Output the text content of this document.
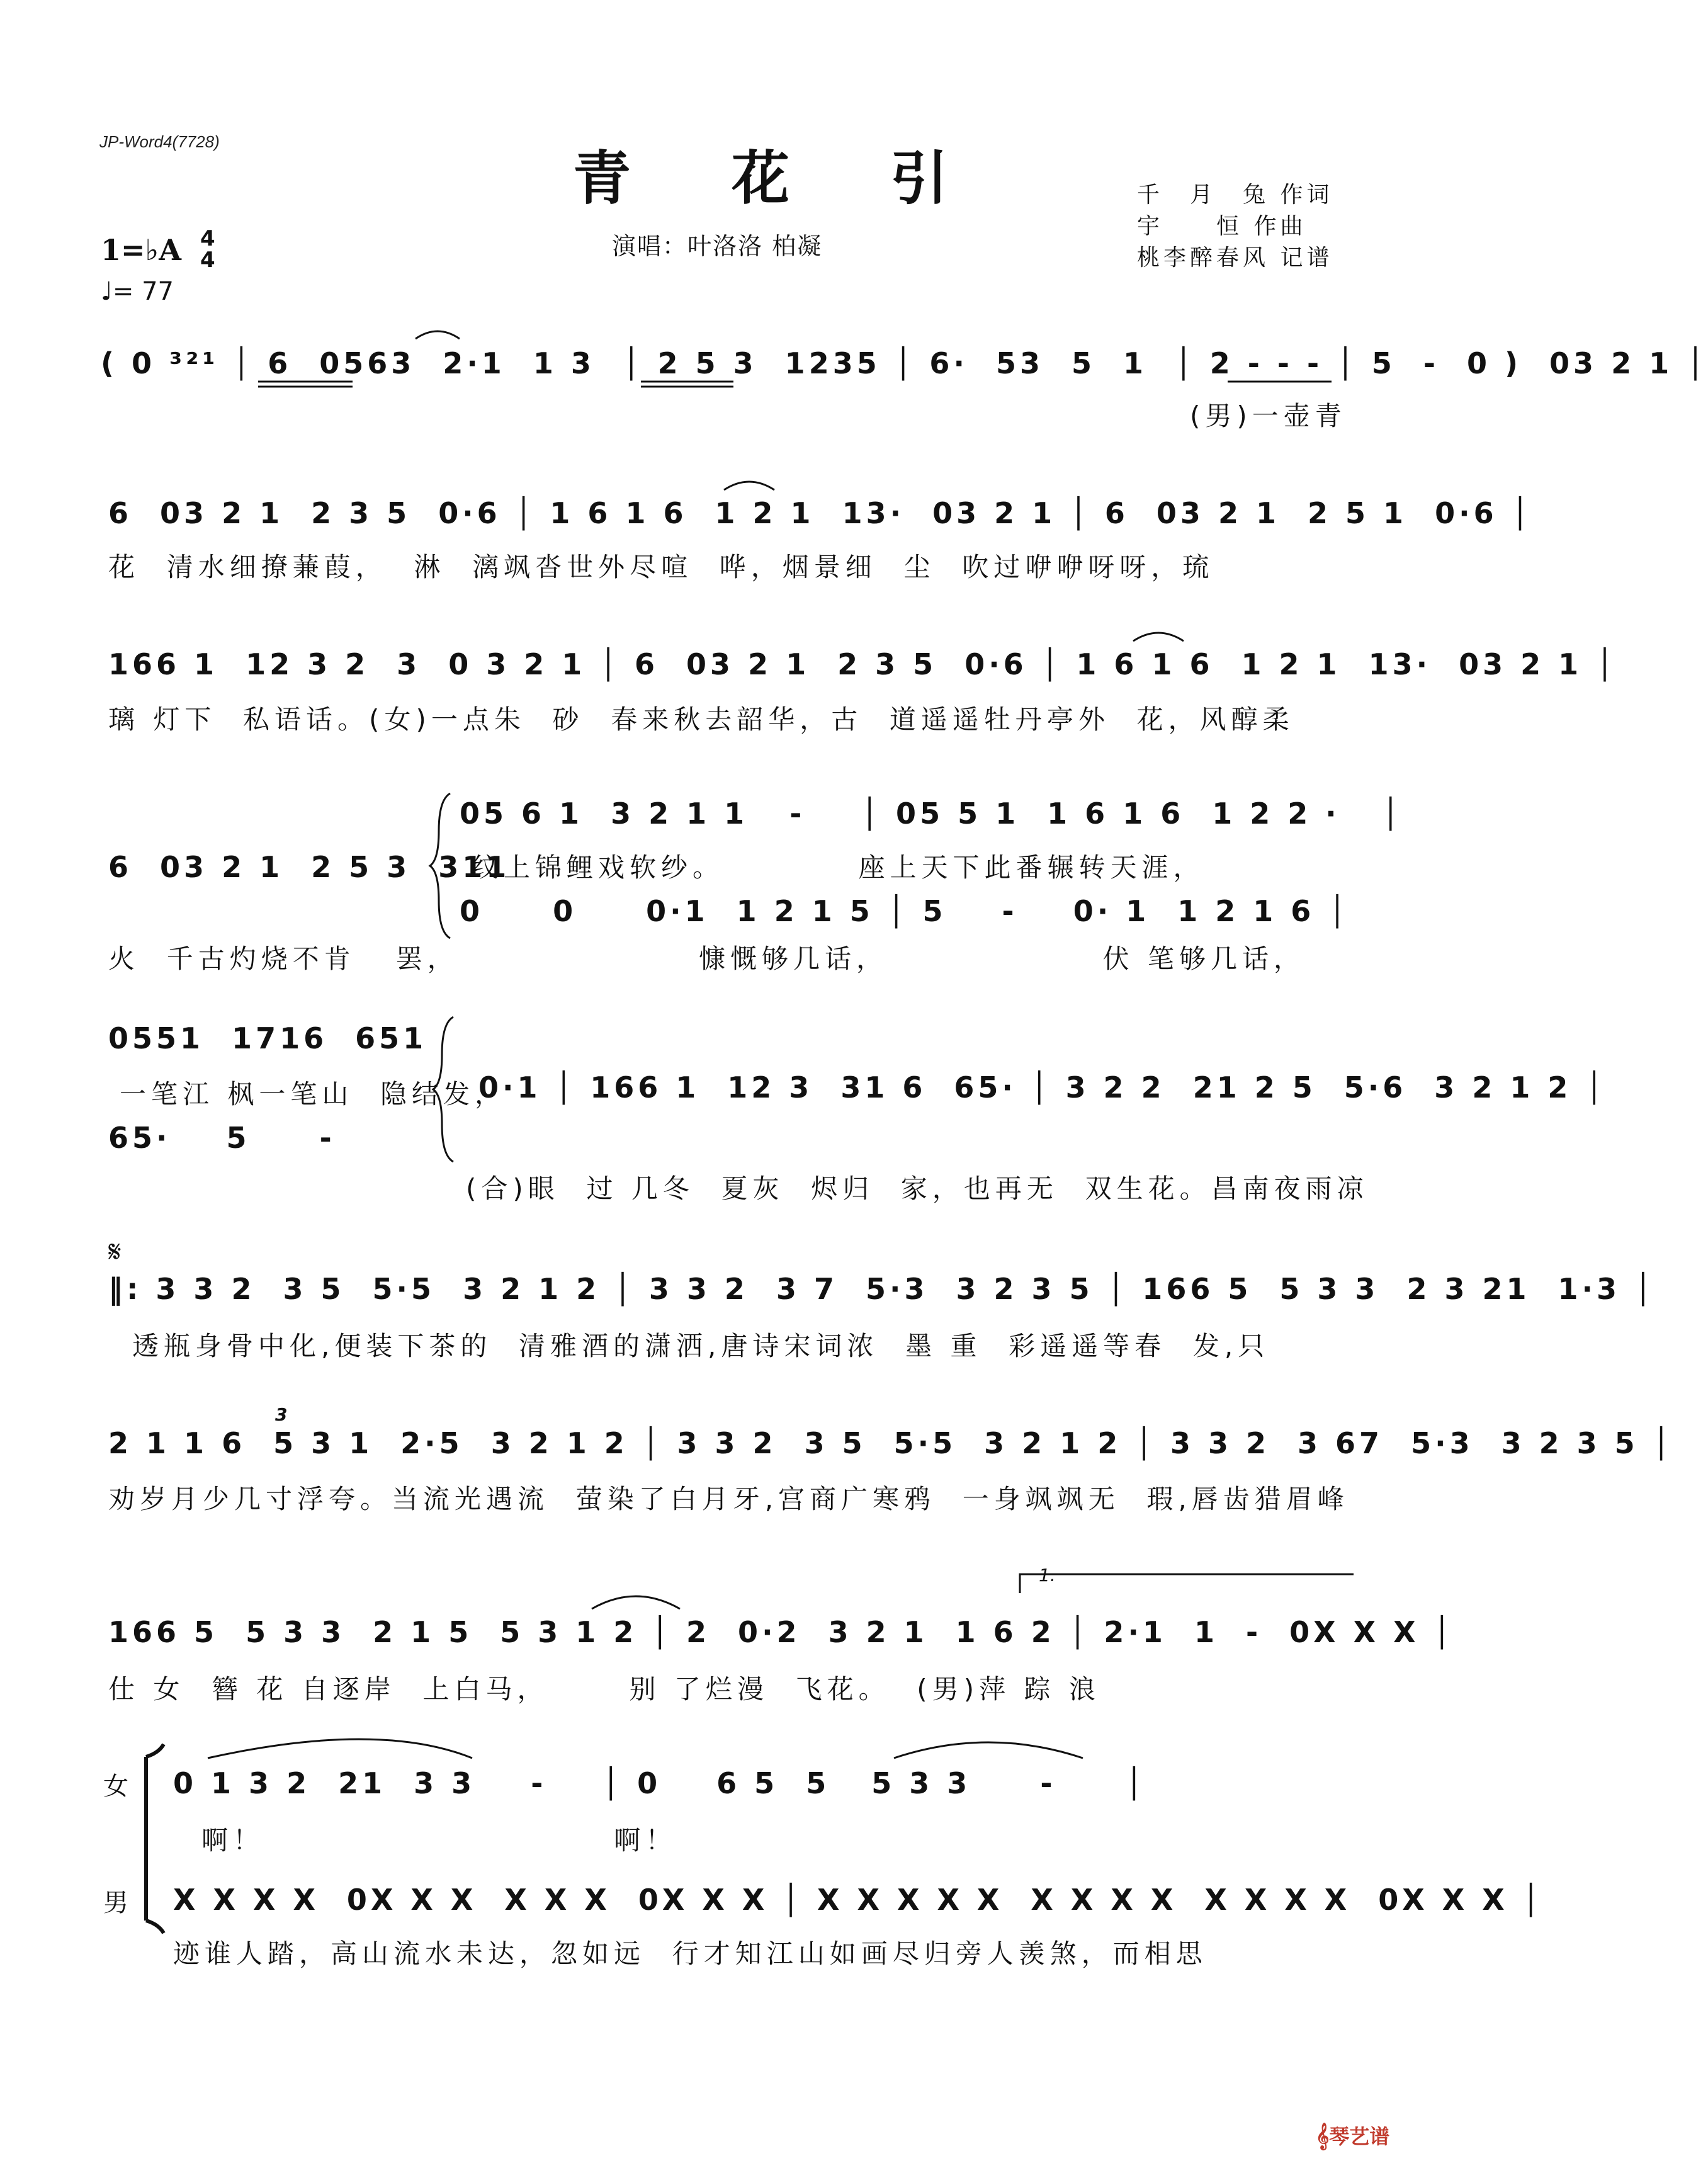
JP-Word4(7728)
青 花 引
演唱：叶洛洛 柏凝
千　月　兔 作词
宇　　恒 作曲
桃李醉春风 记谱
1=♭A 4
4
♩= 77
( 0 ³²¹ │ 6  0563  2·1  1 3  │ 2 5 3  1235 │ 6·  53  5  1  │ 2 - - - │ 5  -  0 )  03 2 1 │
(男)一壶青
6  03 2 1  2 3 5  0·6 │ 1 6 1 6  1 2 1  13·  03 2 1 │ 6  03 2 1  2 5 1  0·6 │
花  清水细撩蒹葭，  淋  漓飒沓世外尽喧  哗，烟景细  尘  吹过咿咿呀呀，琉
166 1  12 3 2  3  0 3 2 1 │ 6  03 2 1  2 3 5  0·6 │ 1 6 1 6  1 2 1  13·  03 2 1 │
璃 灯下  私语话。(女)一点朱  砂  春来秋去韶华，古  道遥遥牡丹亭外  花，风醇柔
6  03 2 1  2 5 3  311
火  千古灼烧不肯   罢，
05 6 1  3 2 1 1   -    │ 05 5 1  1 6 1 6  1 2 2 ·   │
纹上锦鲤戏软纱。          座上天下此番辗转天涯，
0     0     0·1  1 2 1 5 │ 5    -    0· 1  1 2 1 6 │
慷慨够几话，                伏 笔够几话，
0551  1716  651
一笔江 枫一笔山  隐结发，
65·    5     -
0·1 │ 166 1  12 3  31 6  65· │ 3 2 2  21 2 5  5·6  3 2 1 2 │
(合)眼  过 几冬  夏灰  烬归  家，也再无  双生花。昌南夜雨凉
𝄋
‖: 3 3 2  3 5  5·5  3 2 1 2 │ 3 3 2  3 7  5·3  3 2 3 5 │ 166 5  5 3 3  2 3 21  1·3 │
透瓶身骨中化,便装下茶的  清雅酒的潇洒,唐诗宋词浓  墨 重  彩遥遥等春  发,只
3
2 1 1 6  5 3 1  2·5  3 2 1 2 │ 3 3 2  3 5  5·5  3 2 1 2 │ 3 3 2  3 67  5·3  3 2 3 5 │
劝岁月少几寸浮夸。当流光遇流  萤染了白月牙,宫商广寒鸦  一身飒飒无  瑕,唇齿猎眉峰
1.
166 5  5 3 3  2 1 5  5 3 1 2 │ 2  0·2  3 2 1  1 6 2 │ 2·1  1  -  0X X X │
仕 女  簪 花 自逐岸  上白马，      别 了烂漫  飞花。  (男)萍 踪 浪
女 0 1 3 2  21  3 3    -    │ 0    6 5  5   5 3 3     -     │
啊！                          啊！
男 X X X X  0X X X  X X X  0X X X │ X X X X X  X X X X  X X X X  0X X X │
迹谁人踏，高山流水未达，忽如远  行才知江山如画尽归旁人羡煞，而相思
𝄞琴艺谱
